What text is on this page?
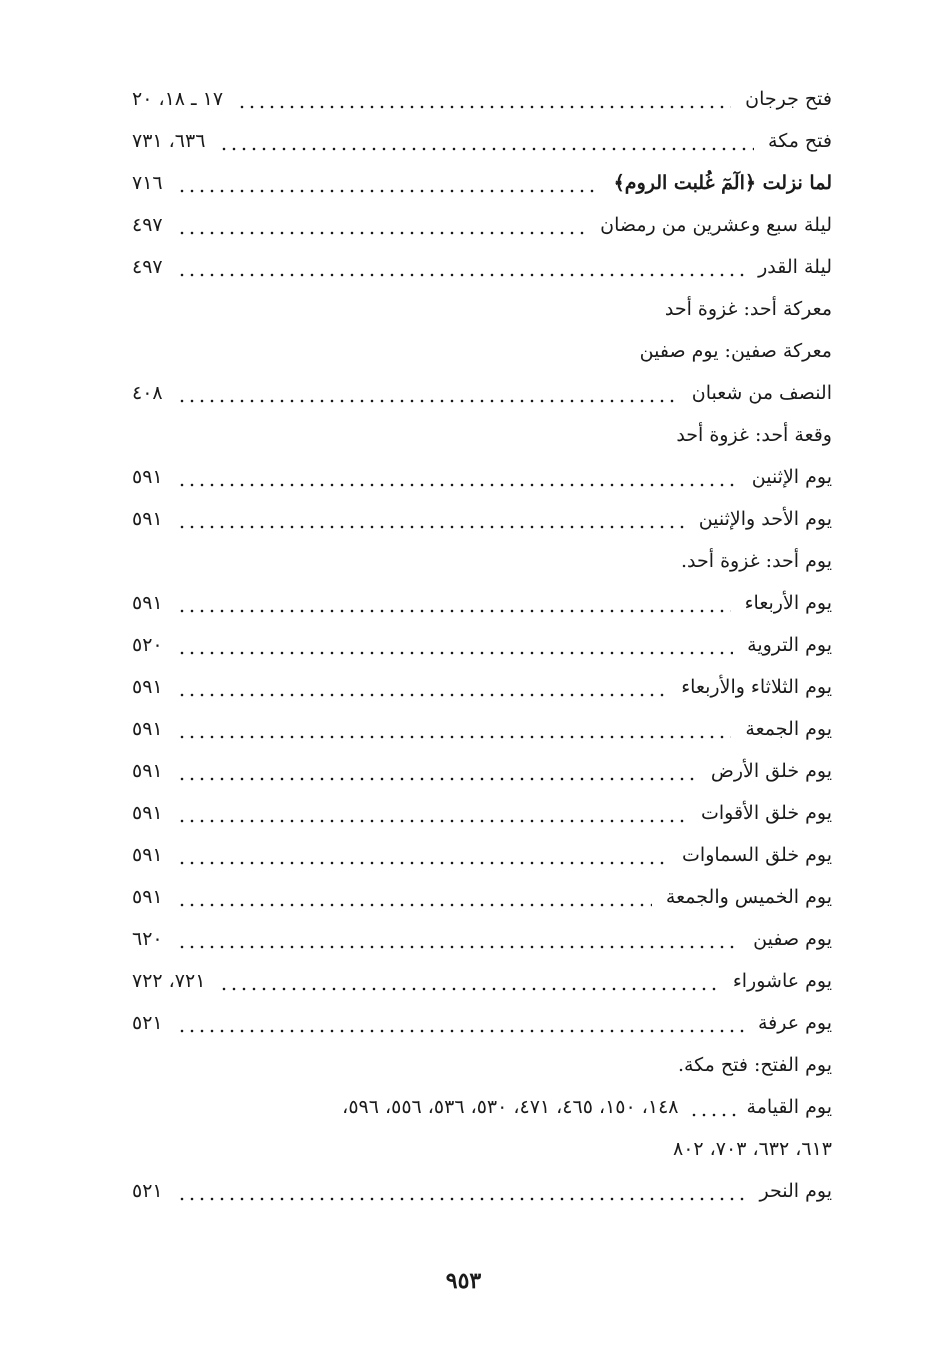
فتح جرجان
١٧ ـ ١٨، ٢٠
فتح مكة
٦٣٦، ٧٣١
لما نزلت ﴿الٓمٓ غُلبت الروم﴾
٧١٦
ليلة سبع وعشرين من رمضان
٤٩٧
ليلة القدر
٤٩٧
معركة أحد: غزوة أحد
معركة صفين: يوم صفين
النصف من شعبان
٤٠٨
وقعة أحد: غزوة أحد
يوم الإثنين
٥٩١
يوم الأحد والإثنين
٥٩١
يوم أحد: غزوة أحد.
يوم الأربعاء
٥٩١
يوم التروية
٥٢٠
يوم الثلاثاء والأربعاء
٥٩١
يوم الجمعة
٥٩١
يوم خلق الأرض
٥٩١
يوم خلق الأقوات
٥٩١
يوم خلق السماوات
٥٩١
يوم الخميس والجمعة
٥٩١
يوم صفين
٦٢٠
يوم عاشوراء
٧٢١، ٧٢٢
يوم عرفة
٥٢١
يوم الفتح: فتح مكة.
يوم القيامة
١٤٨، ١٥٠، ٤٦٥، ٤٧١، ٥٣٠، ٥٣٦، ٥٥٦، ٥٩٦،
٦١٣، ٦٣٢، ٧٠٣، ٨٠٢
يوم النحر
٥٢١
٩٥٣
